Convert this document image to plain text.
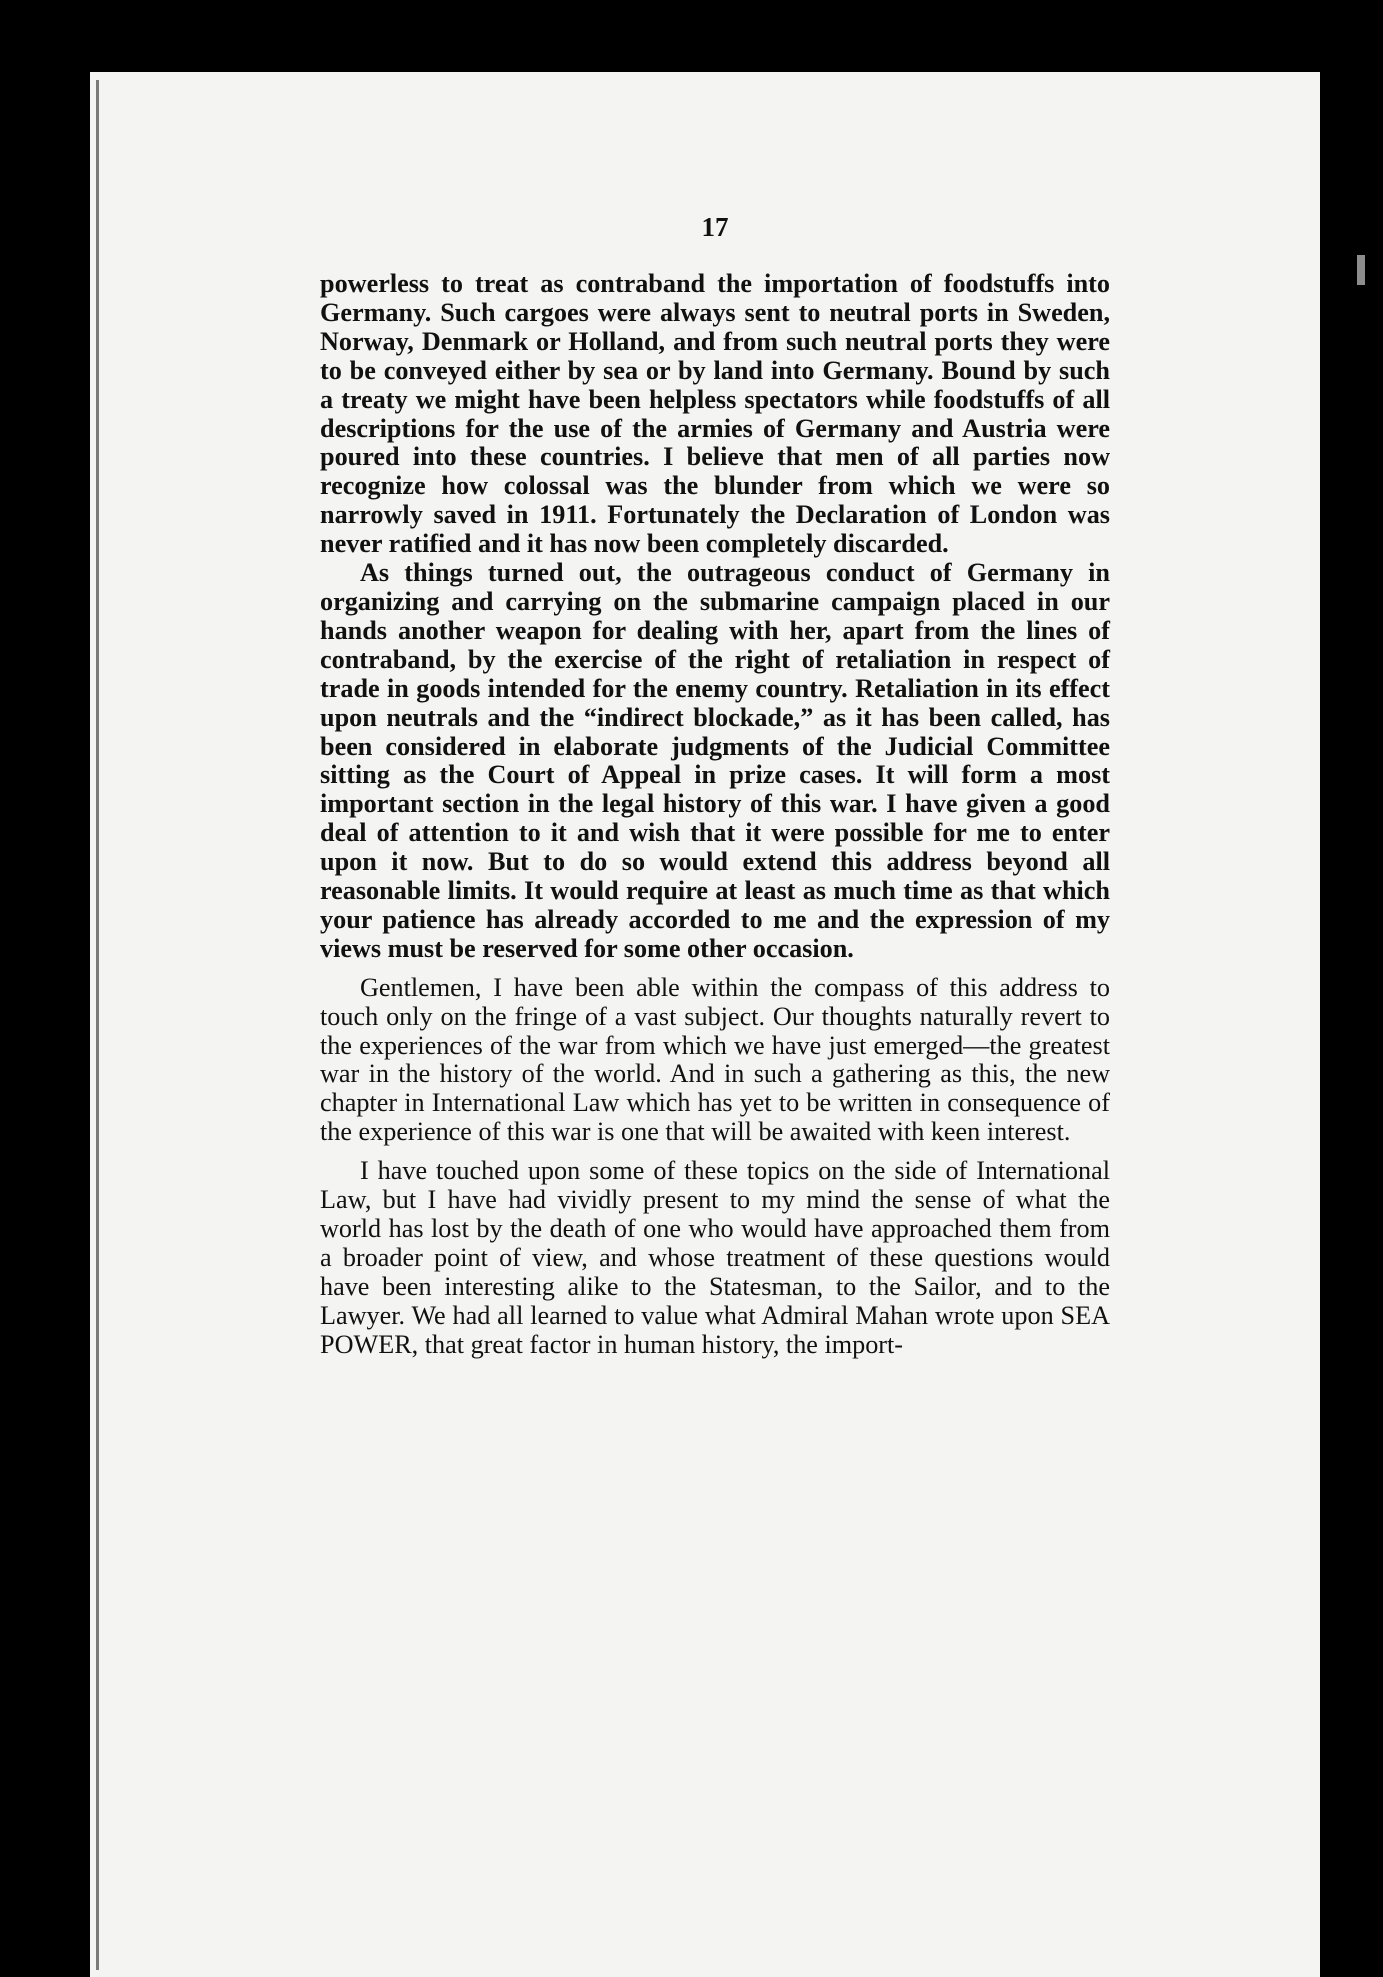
17

powerless to treat as contraband the importation of foodstuffs into Germany. Such cargoes were always sent to neutral ports in Sweden, Norway, Denmark or Holland, and from such neutral ports they were to be conveyed either by sea or by land into Germany. Bound by such a treaty we might have been helpless spectators while foodstuffs of all descriptions for the use of the armies of Germany and Austria were poured into these countries. I believe that men of all parties now recognize how colossal was the blunder from which we were so narrowly saved in 1911. Fortunately the Declaration of London was never ratified and it has now been completely discarded.

As things turned out, the outrageous conduct of Germany in organizing and carrying on the submarine campaign placed in our hands another weapon for dealing with her, apart from the lines of contraband, by the exercise of the right of retaliation in respect of trade in goods intended for the enemy country. Retaliation in its effect upon neutrals and the “indirect blockade,” as it has been called, has been considered in elaborate judgments of the Judicial Committee sitting as the Court of Appeal in prize cases. It will form a most important section in the legal history of this war. I have given a good deal of attention to it and wish that it were possible for me to enter upon it now. But to do so would extend this address beyond all reasonable limits. It would require at least as much time as that which your patience has already accorded to me and the expression of my views must be reserved for some other occasion.

Gentlemen, I have been able within the compass of this address to touch only on the fringe of a vast subject. Our thoughts naturally revert to the experiences of the war from which we have just emerged—the greatest war in the history of the world. And in such a gathering as this, the new chapter in International Law which has yet to be written in consequence of the experience of this war is one that will be awaited with keen interest.

I have touched upon some of these topics on the side of International Law, but I have had vividly present to my mind the sense of what the world has lost by the death of one who would have approached them from a broader point of view, and whose treatment of these questions would have been interesting alike to the Statesman, to the Sailor, and to the Lawyer. We had all learned to value what Admiral Mahan wrote upon SEA POWER, that great factor in human history, the import-
